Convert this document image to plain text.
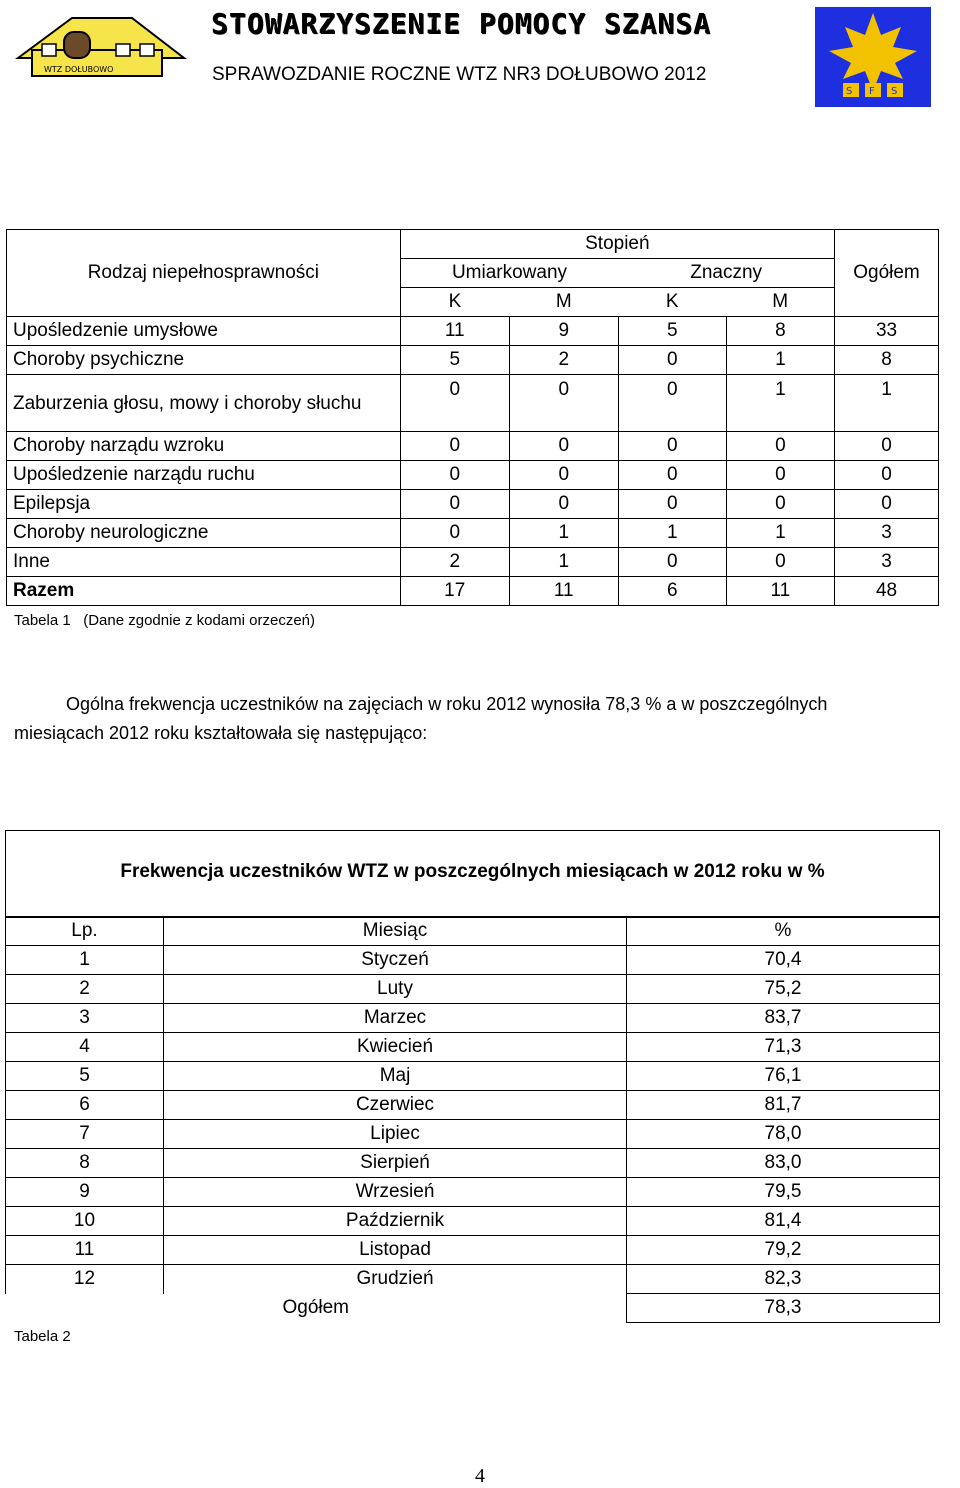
WTZ DOŁUBOWO
STOWARZYSZENIE POMOCY SZANSA
SPRAWOZDANIE ROCZNE WTZ NR3 DOŁUBOWO 2012
S F S
Rodzaj niepełnosprawności	Stopień				Ogółem
	Umiarkowany		Znaczny		
	K	M	K	M	
Upośledzenie umysłowe	11	9	5	8	33
Choroby psychiczne	5	2	0	1	8
Zaburzenia głosu, mowy i choroby słuchu	0	0	0	1	1
Choroby narządu wzroku	0	0	0	0	0
Upośledzenie narządu ruchu	0	0	0	0	0
Epilepsja	0	0	0	0	0
Choroby neurologiczne	0	1	1	1	3
Inne	2	1	0	0	3
Razem	17	11	6	11	48
Tabela 1   (Dane zgodnie z kodami orzeczeń)
Ogólna frekwencja uczestników na zajęciach w roku 2012 wynosiła 78,3 % a w poszczególnych
miesiącach 2012 roku kształtowała się następująco:
Frekwencja uczestników WTZ w poszczególnych miesiącach w 2012 roku w %
Lp.	Miesiąc	%
1	Styczeń	70,4
2	Luty	75,2
3	Marzec	83,7
4	Kwiecień	71,3
5	Maj	76,1
6	Czerwiec	81,7
7	Lipiec	78,0
8	Sierpień	83,0
9	Wrzesień	79,5
10	Październik	81,4
11	Listopad	79,2
12	Grudzień	82,3
Ogółem		78,3
Tabela 2
4
